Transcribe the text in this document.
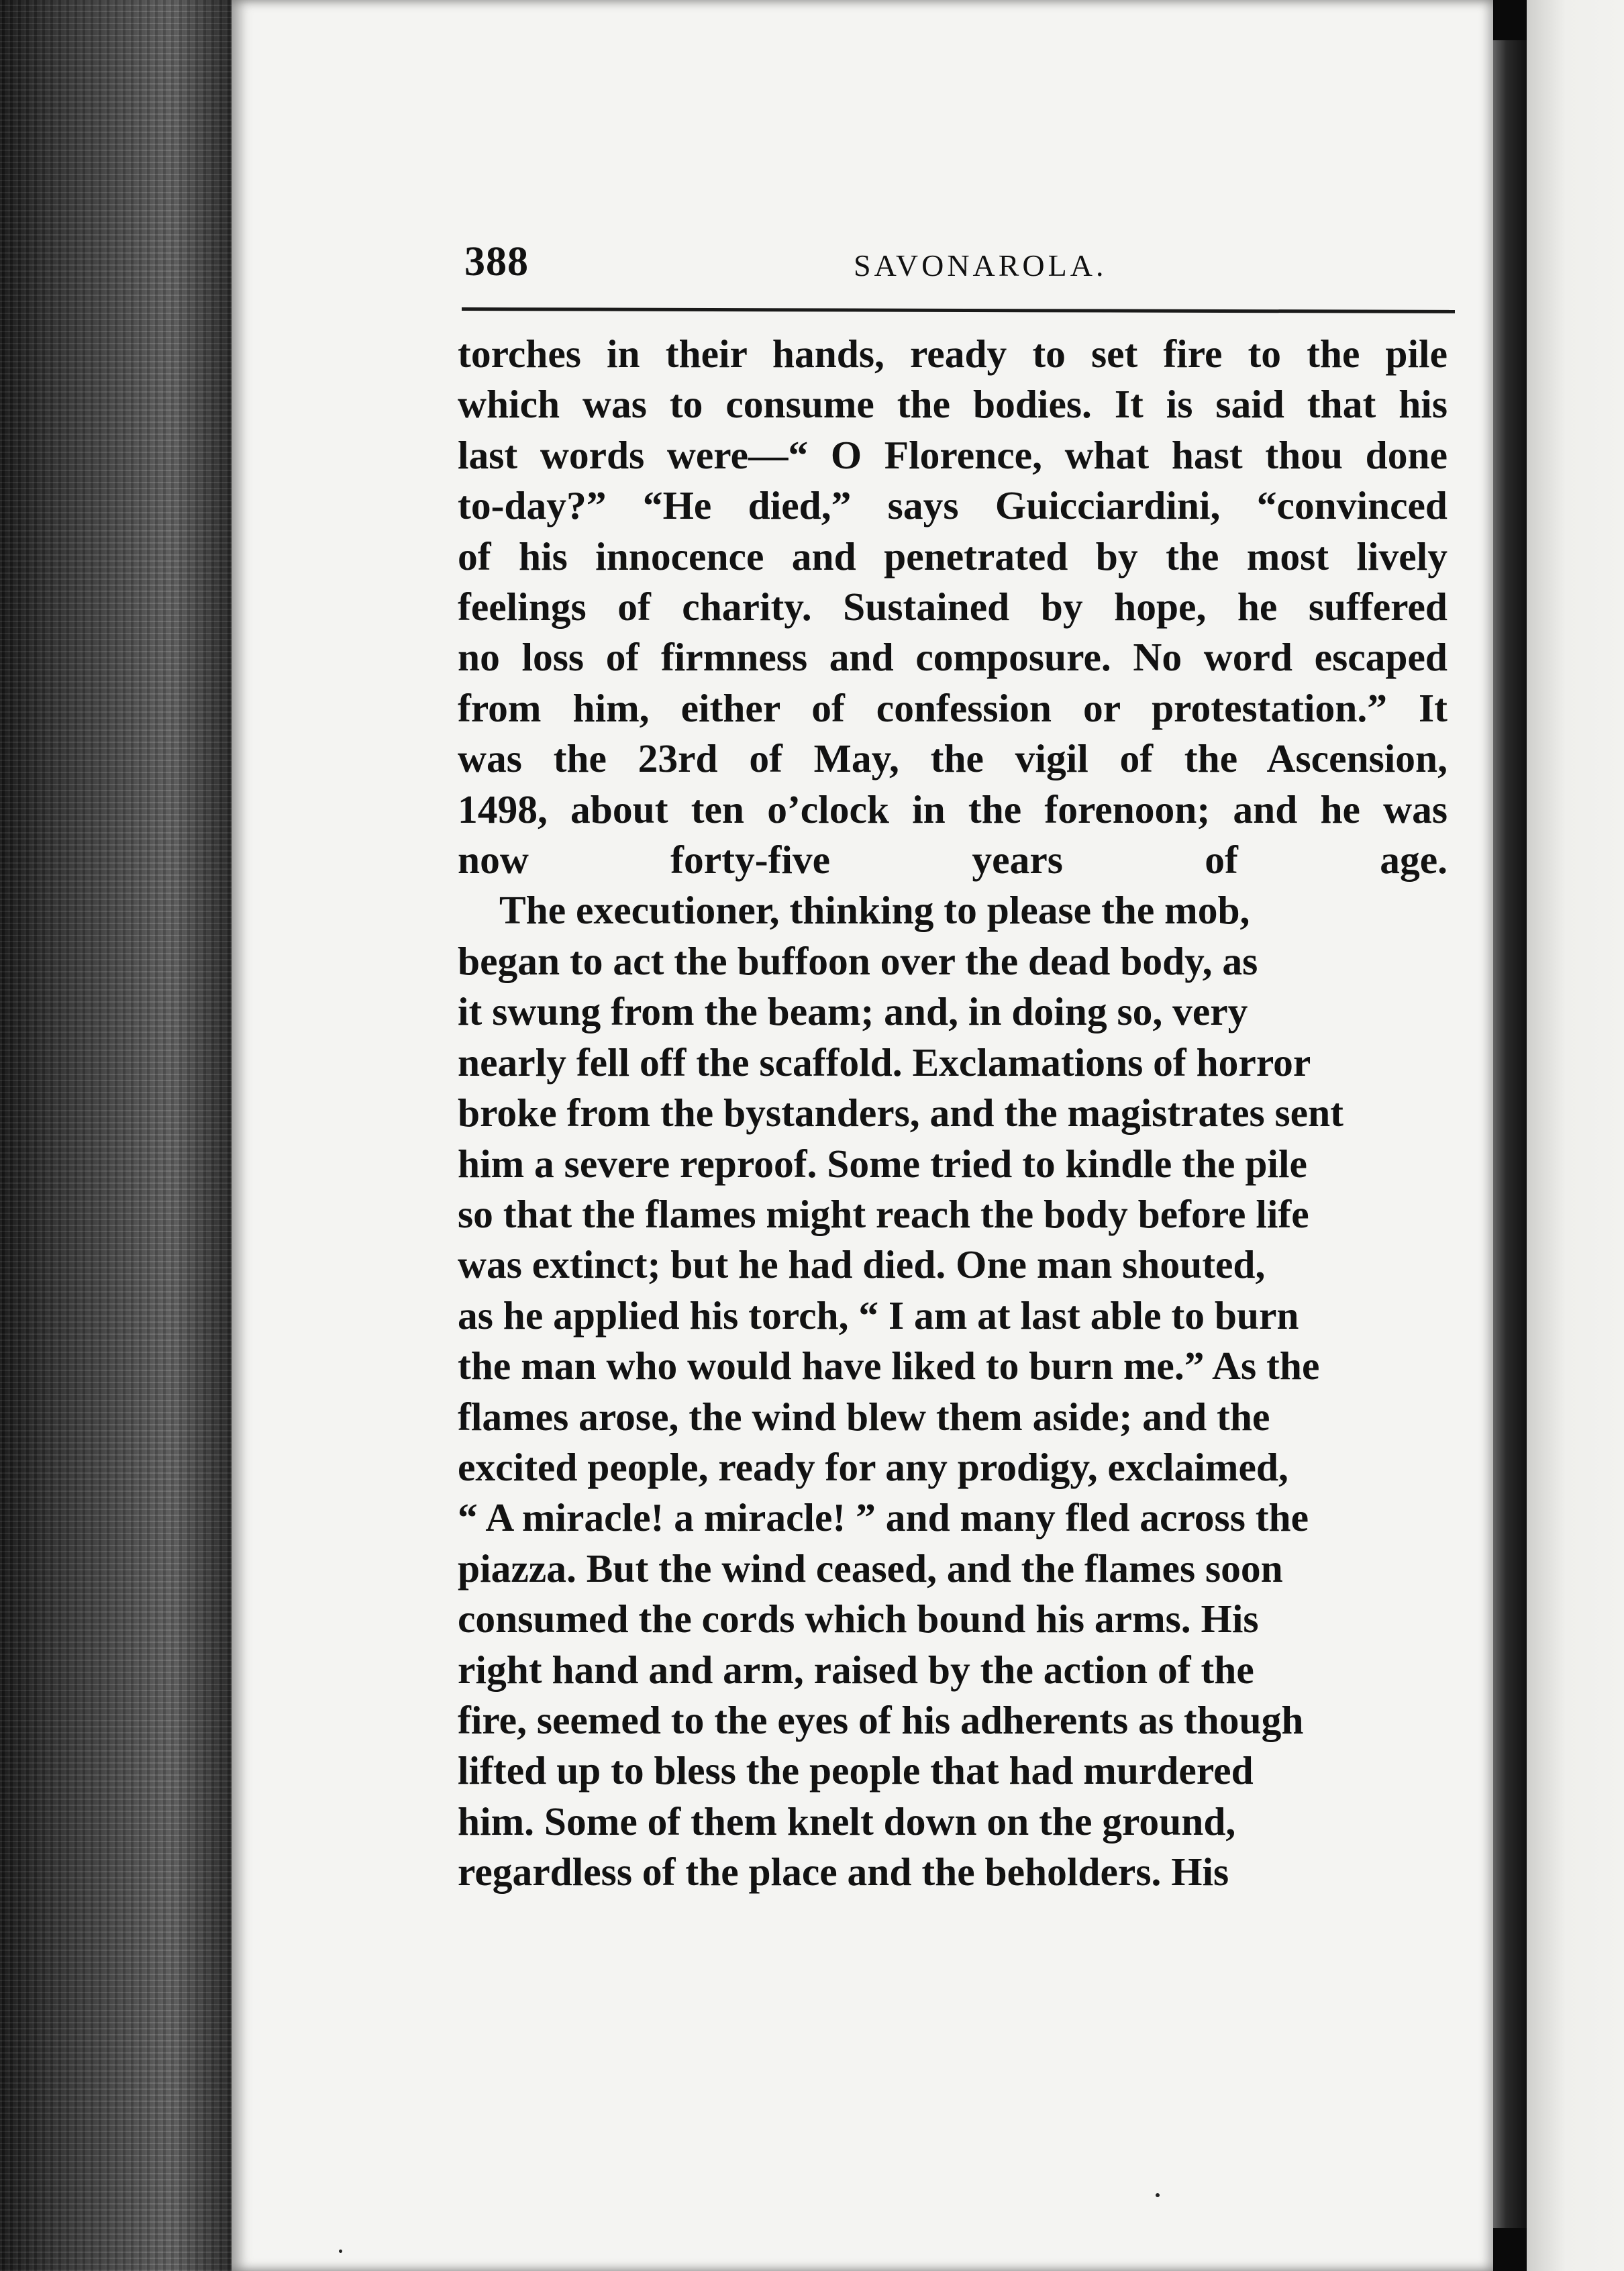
388	SAVONAROLA.

torches in their hands, ready to set fire to the pile
which was to consume the bodies. It is said that his
last words were—“ O Florence, what hast thou done
to-day?” “He died,” says Guicciardini, “convinced
of his innocence and penetrated by the most lively
feelings of charity. Sustained by hope, he suffered
no loss of firmness and composure. No word escaped
from him, either of confession or protestation.” It
was the 23rd of May, the vigil of the Ascension,
1498, about ten o’clock in the forenoon; and he was
now forty-five years of age.

The executioner, thinking to please the mob,
began to act the buffoon over the dead body, as
it swung from the beam; and, in doing so, very
nearly fell off the scaffold. Exclamations of horror
broke from the bystanders, and the magistrates sent
him a severe reproof. Some tried to kindle the pile
so that the flames might reach the body before life
was extinct; but he had died. One man shouted,
as he applied his torch, “ I am at last able to burn
the man who would have liked to burn me.” As the
flames arose, the wind blew them aside; and the
excited people, ready for any prodigy, exclaimed,
“ A miracle! a miracle! ” and many fled across the
piazza. But the wind ceased, and the flames soon
consumed the cords which bound his arms. His
right hand and arm, raised by the action of the
fire, seemed to the eyes of his adherents as though
lifted up to bless the people that had murdered
him. Some of them knelt down on the ground,
regardless of the place and the beholders. His
